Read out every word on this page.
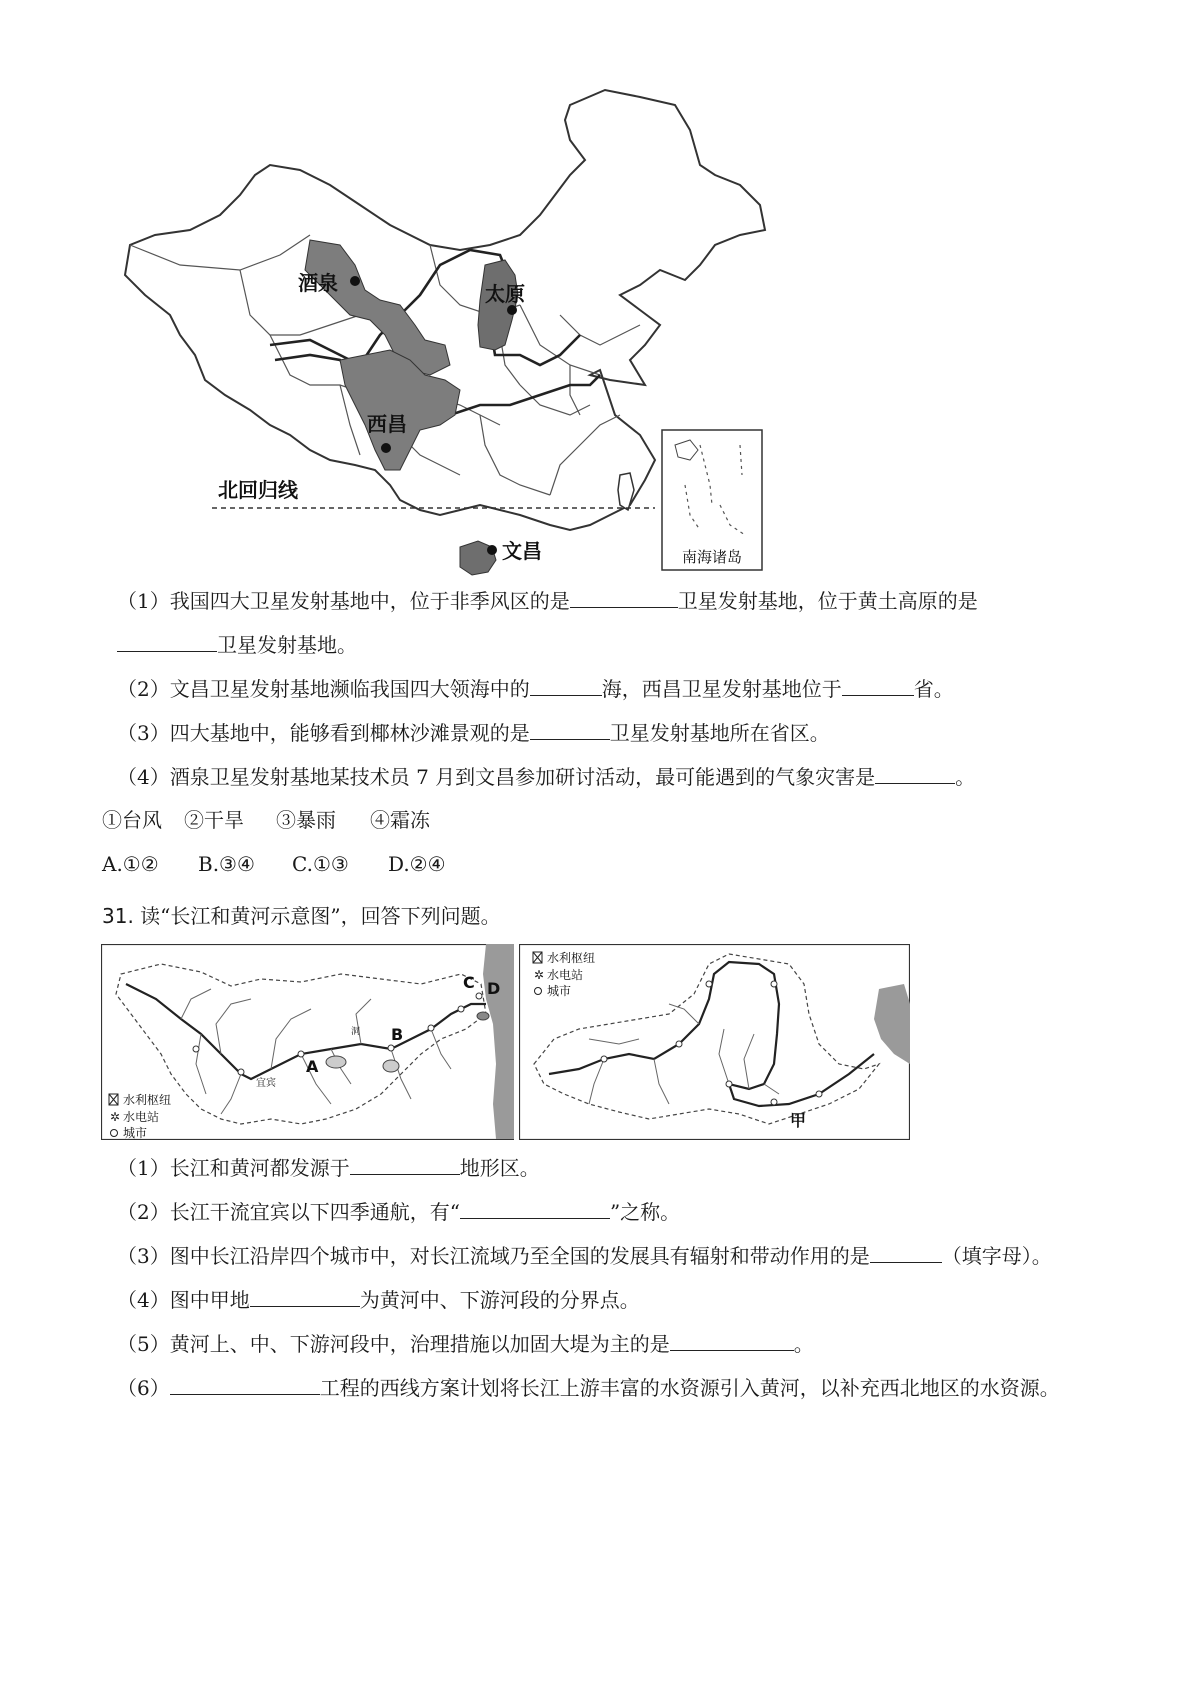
酒泉	太原
西昌
文昌
北回归线
南海诸岛
（1）我国四大卫星发射基地中，位于非季风区的是	卫星发射基地，位于黄土高原的是
卫星发射基地。
（2）文昌卫星发射基地濒临我国四大领海中的	海，西昌卫星发射基地位于	省。
（3）四大基地中，能够看到椰林沙滩景观的是	卫星发射基地所在省区。
（4）酒泉卫星发射基地某技术员 7 月到文昌参加研讨活动，最可能遇到的气象灾害是	。
①台风 ②干旱 ③暴雨 ④霜冻
A.①② B.③④ C.①③ D.②④
31. 读“长江和黄河示意图”，回答下列问题。
A
B
C D
宜宾
洞
水利枢纽
✲ 水电站
城市
甲
水利枢纽
✲ 水电站
城市
（1）长江和黄河都发源于	地形区。
（2）长江干流宜宾以下四季通航，有“	”之称。
（3）图中长江沿岸四个城市中，对长江流域乃至全国的发展具有辐射和带动作用的是	（填字母）。
（4）图中甲地	为黄河中、下游河段的分界点。
（5）黄河上、中、下游河段中，治理措施以加固大堤为主的是	。
（6）	工程的西线方案计划将长江上游丰富的水资源引入黄河，以补充西北地区的水资源。
